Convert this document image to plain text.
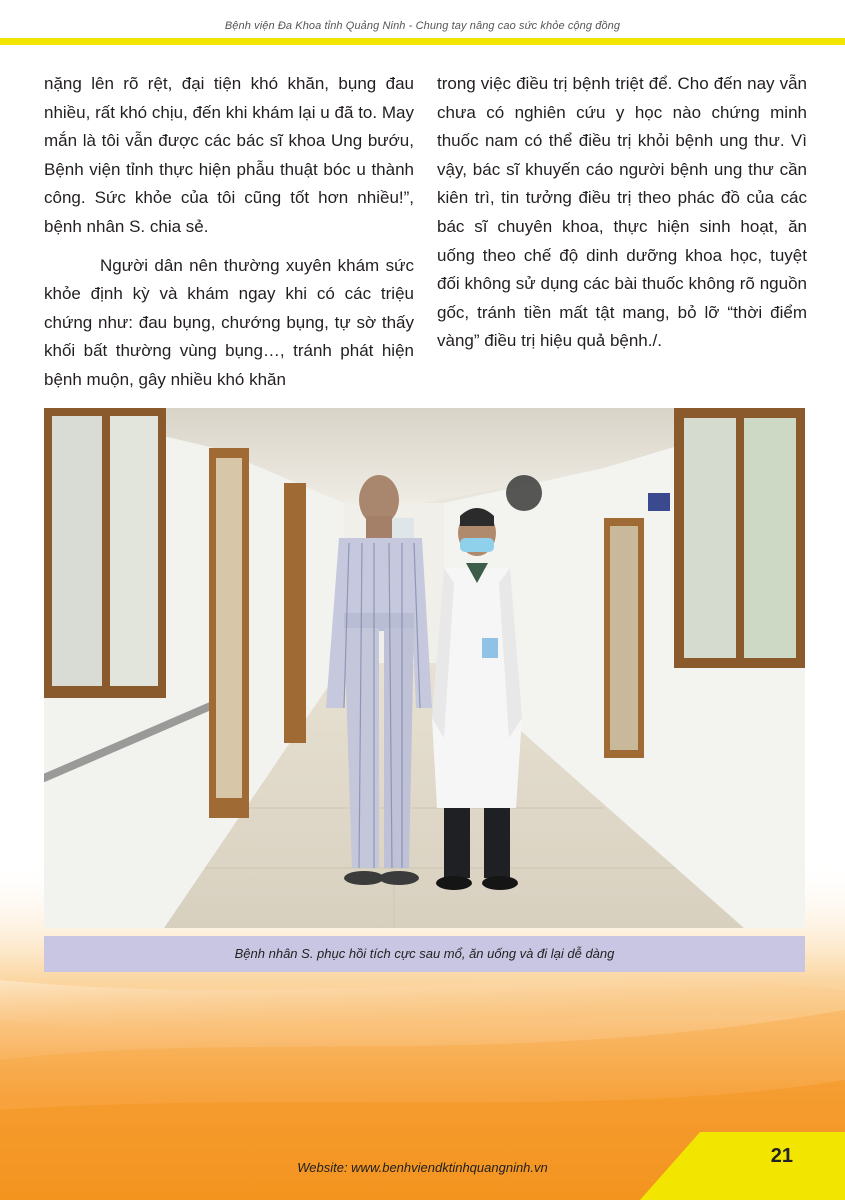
Bệnh viện Đa Khoa tỉnh Quảng Ninh - Chung tay nâng cao sức khỏe cộng đồng

nặng lên rõ rệt, đại tiện khó khăn, bụng đau nhiều, rất khó chịu, đến khi khám lại u đã to. May mắn là tôi vẫn được các bác sĩ khoa Ung bướu, Bệnh viện tỉnh thực hiện phẫu thuật bóc u thành công. Sức khỏe của tôi cũng tốt hơn nhiều!”, bệnh nhân S. chia sẻ.

Người dân nên thường xuyên khám sức khỏe định kỳ và khám ngay khi có các triệu chứng như: đau bụng, chướng bụng, tự sờ thấy khối bất thường vùng bụng…, tránh phát hiện bệnh muộn, gây nhiều khó khăn

trong việc điều trị bệnh triệt để. Cho đến nay vẫn chưa có nghiên cứu y học nào chứng minh thuốc nam có thể điều trị khỏi bệnh ung thư. Vì vậy, bác sĩ khuyến cáo người bệnh ung thư cần kiên trì, tin tưởng điều trị theo phác đồ của các bác sĩ chuyên khoa, thực hiện sinh hoạt, ăn uống theo chế độ dinh dưỡng khoa học, tuyệt đối không sử dụng các bài thuốc không rõ nguồn gốc, tránh tiền mất tật mang, bỏ lỡ “thời điểm vàng” điều trị hiệu quả bệnh./.

Bệnh nhân S. phục hồi tích cực sau mổ, ăn uống và đi lại dễ dàng
21
Website: www.benhviendktinhquangninh.vn
